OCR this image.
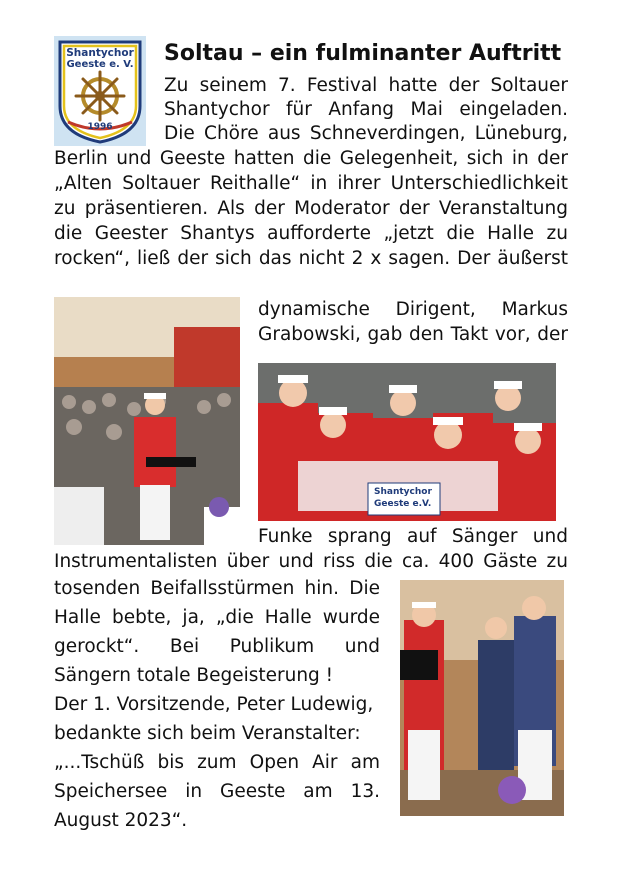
Shantychor
Geeste e. V.
1996
Soltau – ein fulminanter Auftritt
Zu seinem 7. Festival hatte der Soltauer
Shantychor für Anfang Mai eingeladen.
Die Chöre aus Schneverdingen, Lüneburg,
Berlin und Geeste hatten die Gelegenheit, sich in der
„Alten Soltauer Reithalle“ in ihrer Unterschiedlichkeit
zu präsentieren. Als der Moderator der Veranstaltung
die Geester Shantys aufforderte „jetzt die Halle zu
rocken“, ließ der sich das nicht 2 x sagen. Der äußerst
dynamische Dirigent, Markus
Grabowski, gab den Takt vor, der
Funke sprang auf Sänger und
Instrumentalisten über und riss die ca. 400 Gäste zu
tosenden Beifallsstürmen hin. Die
Halle bebte, ja, „die Halle wurde
gerockt“. Bei Publikum und
Sängern totale Begeisterung !
Der 1. Vorsitzende, Peter Ludewig,
bedankte sich beim Veranstalter:
„...Tschüß bis zum Open Air am
Speichersee in Geeste am 13.
August 2023“.
Shantychor
Geeste e.V.
